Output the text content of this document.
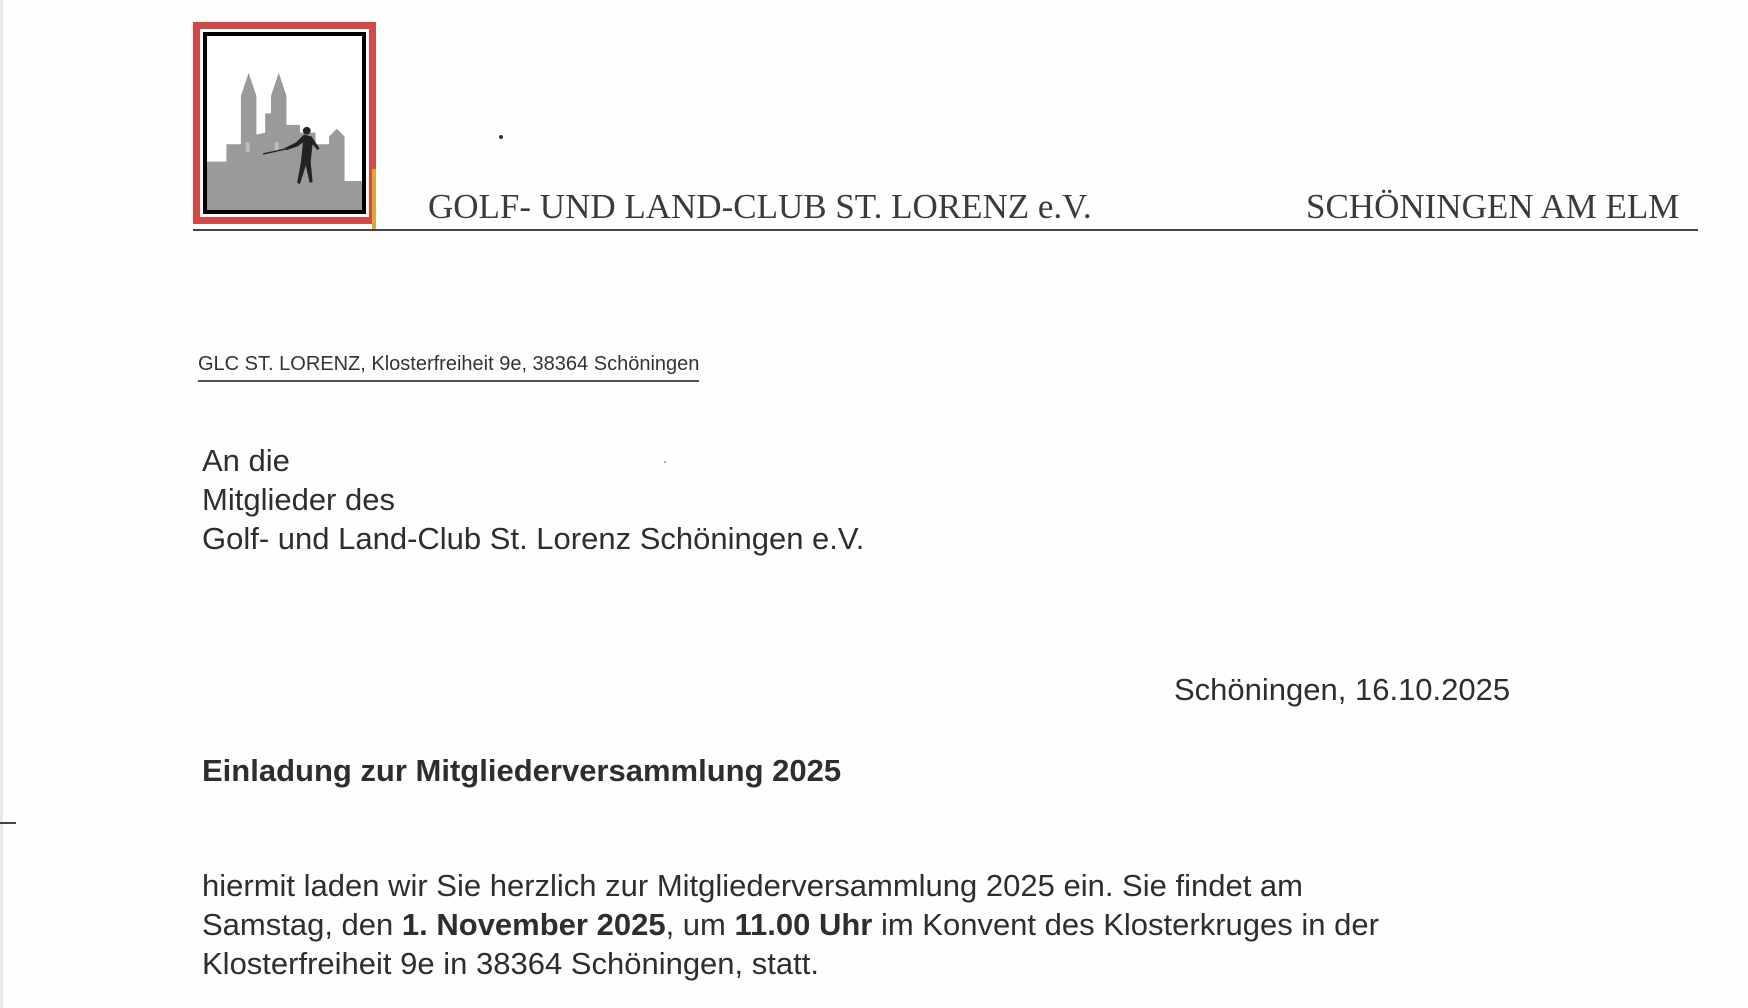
GOLF- UND LAND-CLUB ST. LORENZ e.V.	SCHÖNINGEN AM ELM
GLC ST. LORENZ, Klosterfreiheit 9e, 38364 Schöningen
An die
Mitglieder des
Golf- und Land-Club St. Lorenz Schöningen e.V.
Schöningen, 16.10.2025
Einladung zur Mitgliederversammlung 2025
hiermit laden wir Sie herzlich zur Mitgliederversammlung 2025 ein. Sie findet am
Samstag, den 1. November 2025, um 11.00 Uhr im Konvent des Klosterkruges in der
Klosterfreiheit 9e in 38364 Schöningen, statt.
